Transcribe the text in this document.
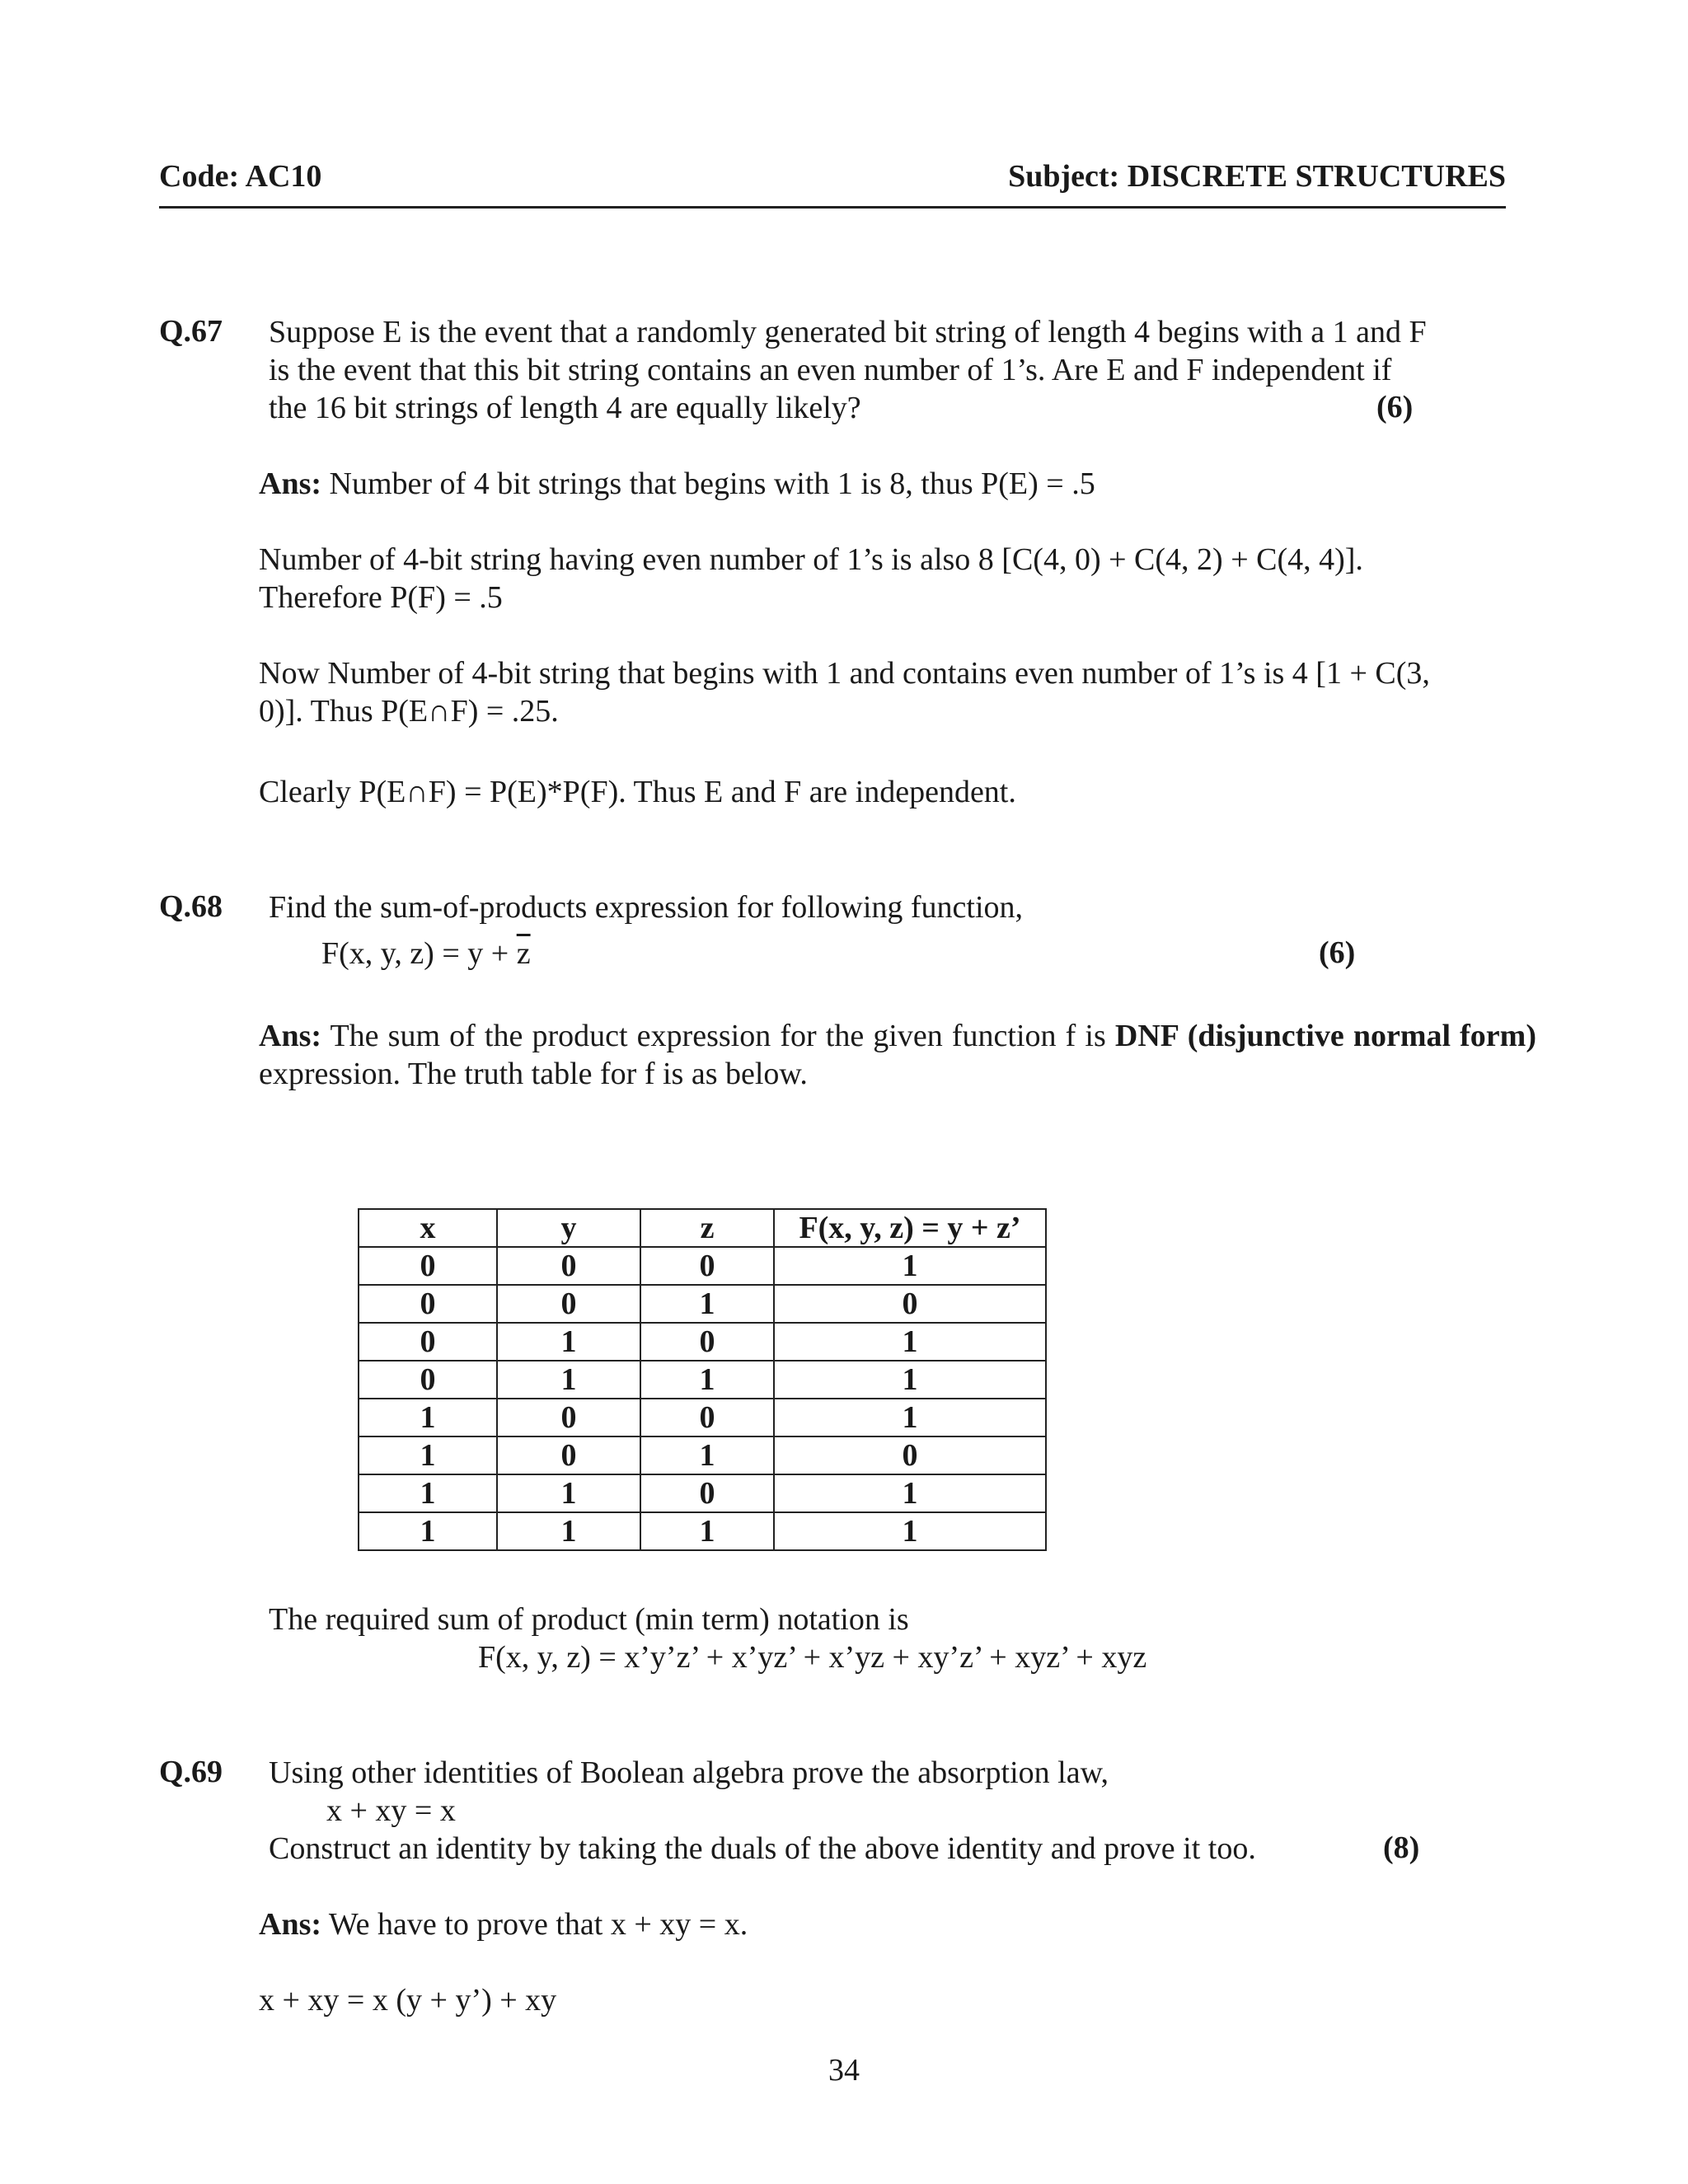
Code: AC10	Subject: DISCRETE STRUCTURES
Q.67 Suppose E is the event that a randomly generated bit string of length 4 begins with a 1 and F
is the event that this bit string contains an even number of 1’s. Are E and F independent if
the 16 bit strings of length 4 are equally likely?	(6)
Ans: Number of 4 bit strings that begins with 1 is 8, thus P(E) = .5
Number of 4-bit string having even number of 1’s is also 8 [C(4, 0) + C(4, 2) + C(4, 4)].
Therefore P(F) = .5
Now Number of 4-bit string that begins with 1 and contains even number of 1’s is 4 [1 + C(3,
0)]. Thus P(E∩F) = .25.
Clearly P(E∩F) = P(E)*P(F). Thus E and F are independent.
Q.68 Find the sum-of-products expression for following function,
F(x, y, $z) = y + \overline{z}$	(6)
Ans: The sum of the product expression for the given function f is DNF (disjunctive normal form) expression. The truth table for f is as below.
x	y	z	F(x, y, z) = y + z’
0	0	0	1
0	0	1	0
0	1	0	1
0	1	1	1
1	0	0	1
1	0	1	0
1	1	0	1
1	1	1	1
The required sum of product (min term) notation is
F(x, y, z) = x’y’z’ + x’yz’ + x’yz + xy’z’ + xyz’ + xyz
Q.69 Using other identities of Boolean algebra prove the absorption law,
x + xy = x
Construct an identity by taking the duals of the above identity and prove it too.	(8)
Ans: We have to prove that x + xy = x.
x + xy = x (y + y’) + xy
34
